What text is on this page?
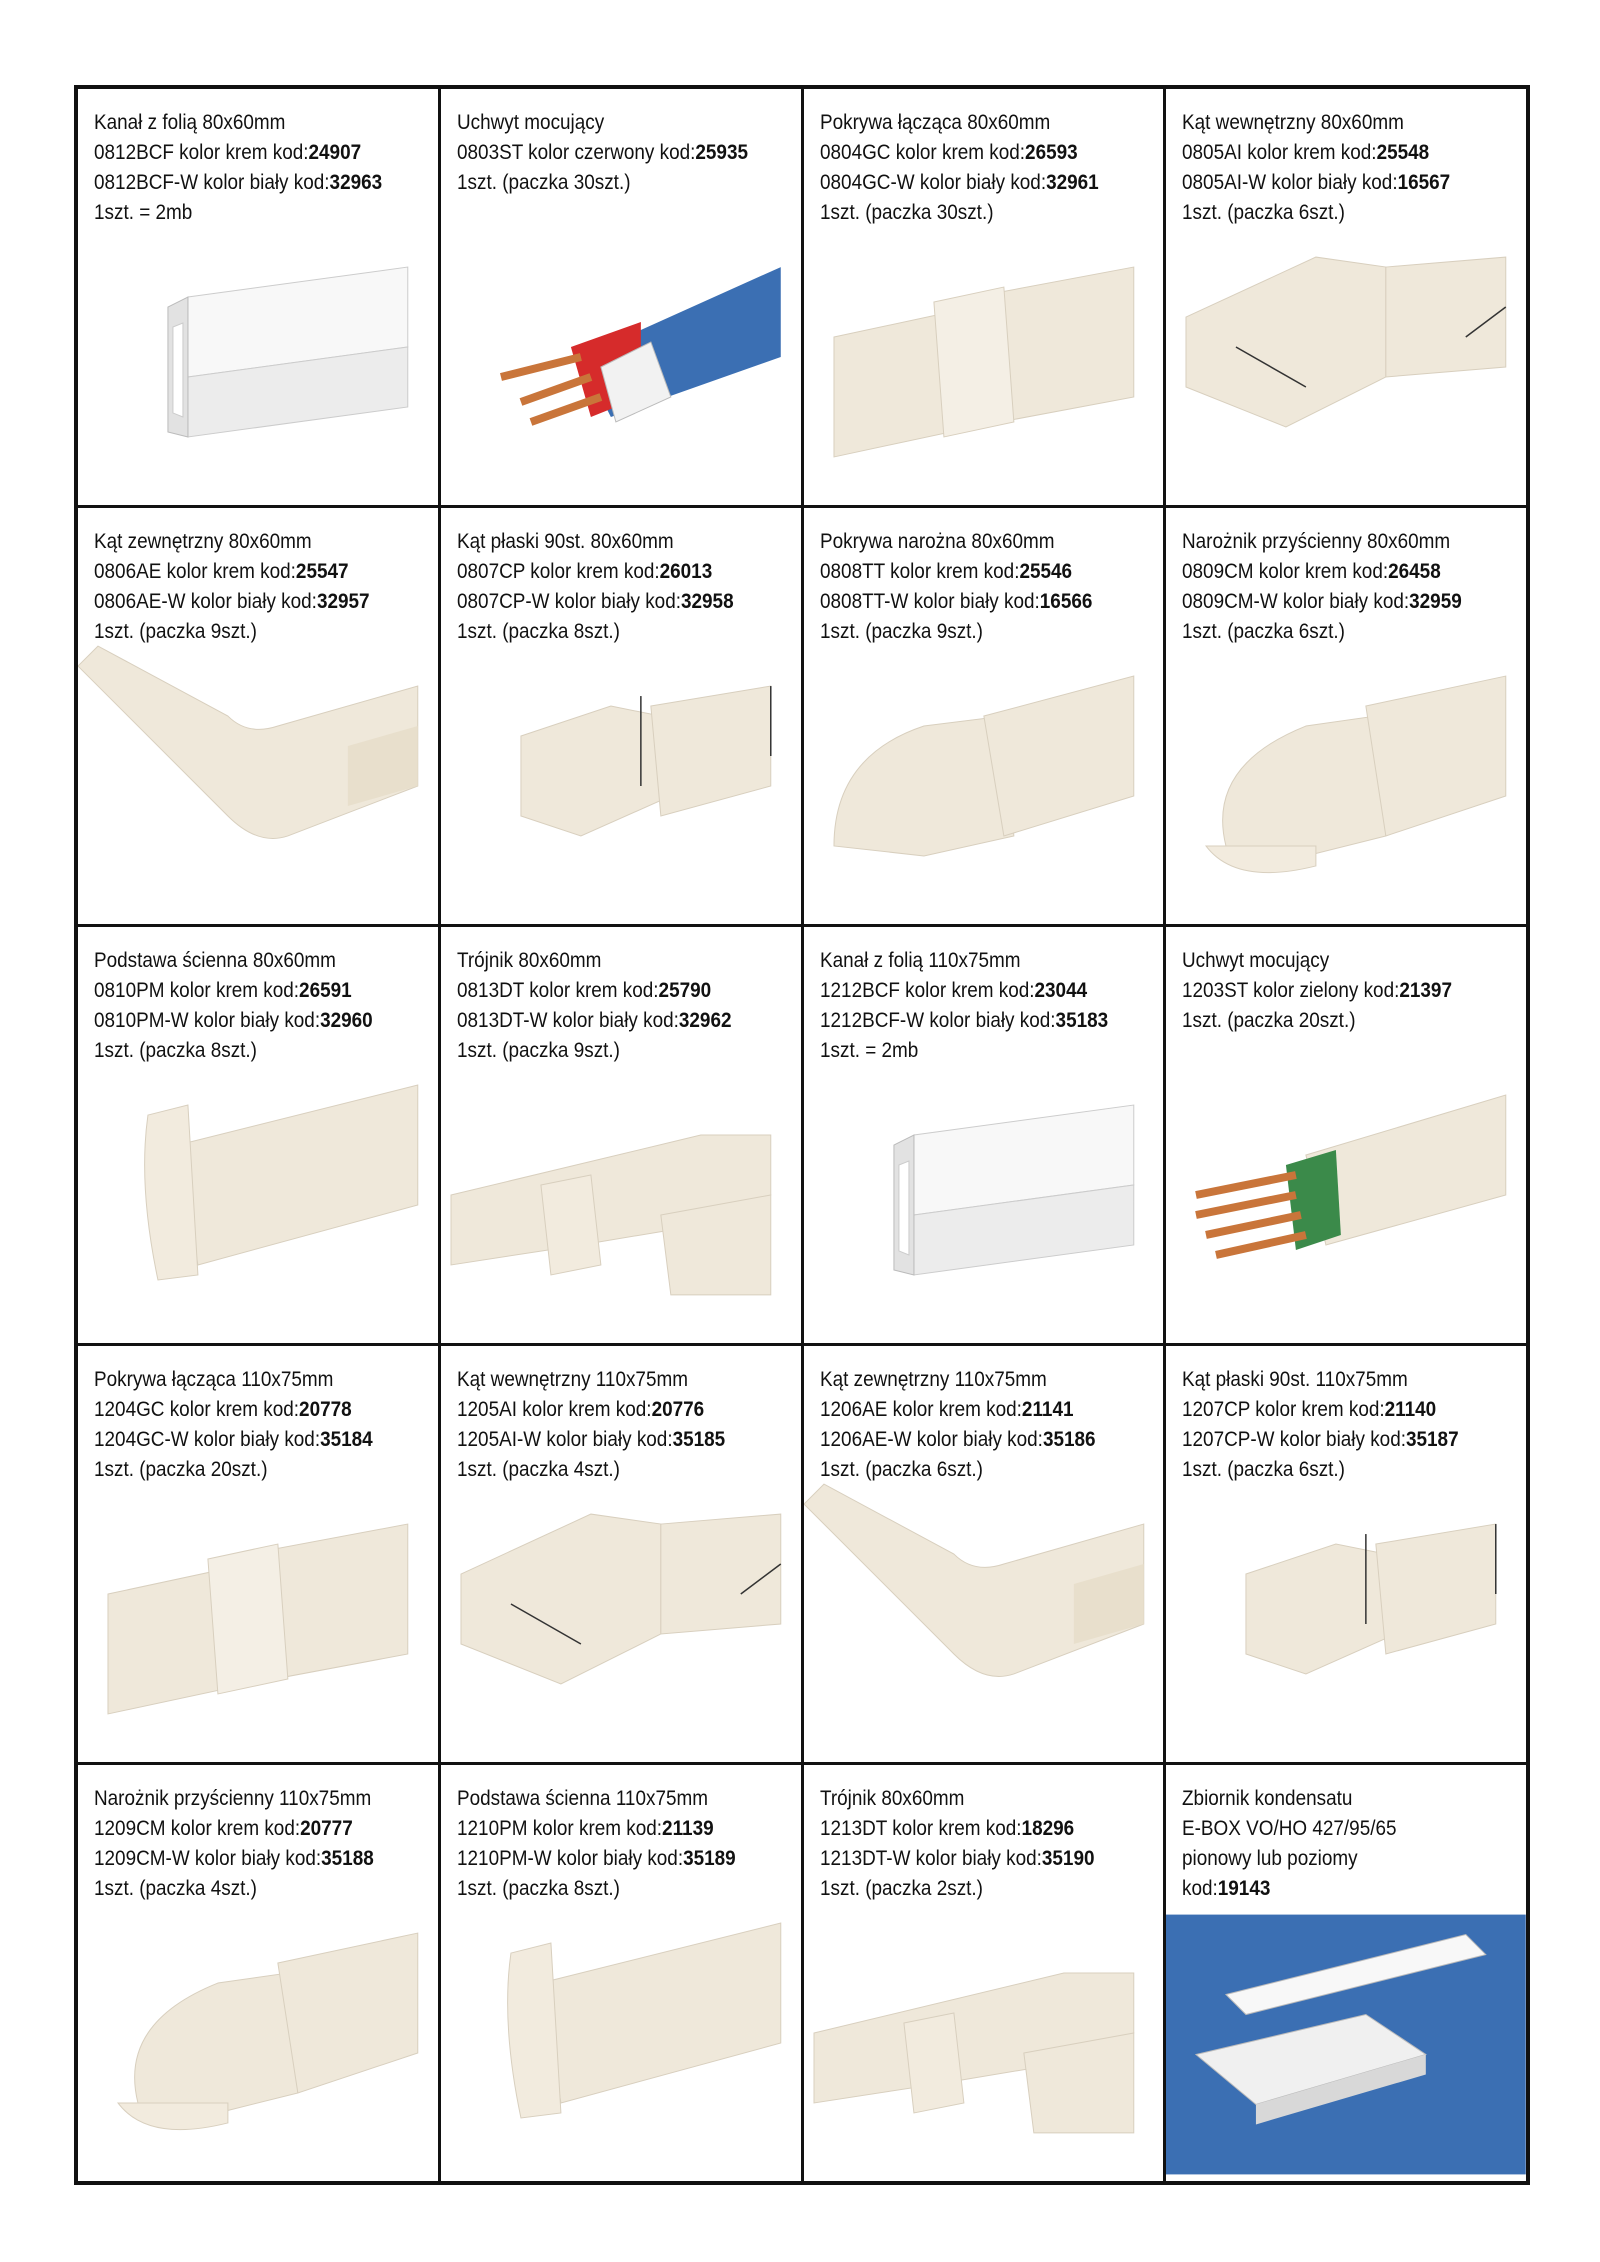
Kanał z folią 80x60mm
0812BCF kolor krem kod:24907
0812BCF-W kolor biały kod:32963
1szt. = 2mb
Uchwyt mocujący
0803ST kolor czerwony kod:25935
1szt. (paczka 30szt.)
Pokrywa łącząca 80x60mm
0804GC kolor krem kod:26593
0804GC-W kolor biały kod:32961
1szt. (paczka 30szt.)
Kąt wewnętrzny 80x60mm
0805AI kolor krem kod:25548
0805AI-W kolor biały kod:16567
1szt. (paczka 6szt.)
Kąt zewnętrzny 80x60mm
0806AE kolor krem kod:25547
0806AE-W kolor biały kod:32957
1szt. (paczka 9szt.)
Kąt płaski 90st. 80x60mm
0807CP kolor krem kod:26013
0807CP-W kolor biały kod:32958
1szt. (paczka 8szt.)
Pokrywa narożna 80x60mm
0808TT kolor krem kod:25546
0808TT-W kolor biały kod:16566
1szt. (paczka 9szt.)
Narożnik przyścienny 80x60mm
0809CM kolor krem kod:26458
0809CM-W kolor biały kod:32959
1szt. (paczka 6szt.)
Podstawa ścienna 80x60mm
0810PM kolor krem kod:26591
0810PM-W kolor biały kod:32960
1szt. (paczka 8szt.)
Trójnik 80x60mm
0813DT kolor krem kod:25790
0813DT-W kolor biały kod:32962
1szt. (paczka 9szt.)
Kanał z folią 110x75mm
1212BCF kolor krem kod:23044
1212BCF-W kolor biały kod:35183
1szt. = 2mb
Uchwyt mocujący
1203ST kolor zielony kod:21397
1szt. (paczka 20szt.)
Pokrywa łącząca 110x75mm
1204GC kolor krem kod:20778
1204GC-W kolor biały kod:35184
1szt. (paczka 20szt.)
Kąt wewnętrzny 110x75mm
1205AI kolor krem kod:20776
1205AI-W kolor biały kod:35185
1szt. (paczka 4szt.)
Kąt zewnętrzny 110x75mm
1206AE kolor krem kod:21141
1206AE-W kolor biały kod:35186
1szt. (paczka 6szt.)
Kąt płaski 90st. 110x75mm
1207CP kolor krem kod:21140
1207CP-W kolor biały kod:35187
1szt. (paczka 6szt.)
Narożnik przyścienny 110x75mm
1209CM kolor krem kod:20777
1209CM-W kolor biały kod:35188
1szt. (paczka 4szt.)
Podstawa ścienna 110x75mm
1210PM kolor krem kod:21139
1210PM-W kolor biały kod:35189
1szt. (paczka 8szt.)
Trójnik 80x60mm
1213DT kolor krem kod:18296
1213DT-W kolor biały kod:35190
1szt. (paczka 2szt.)
Zbiornik kondensatu
E-BOX VO/HO 427/95/65
pionowy lub poziomy
kod:19143
